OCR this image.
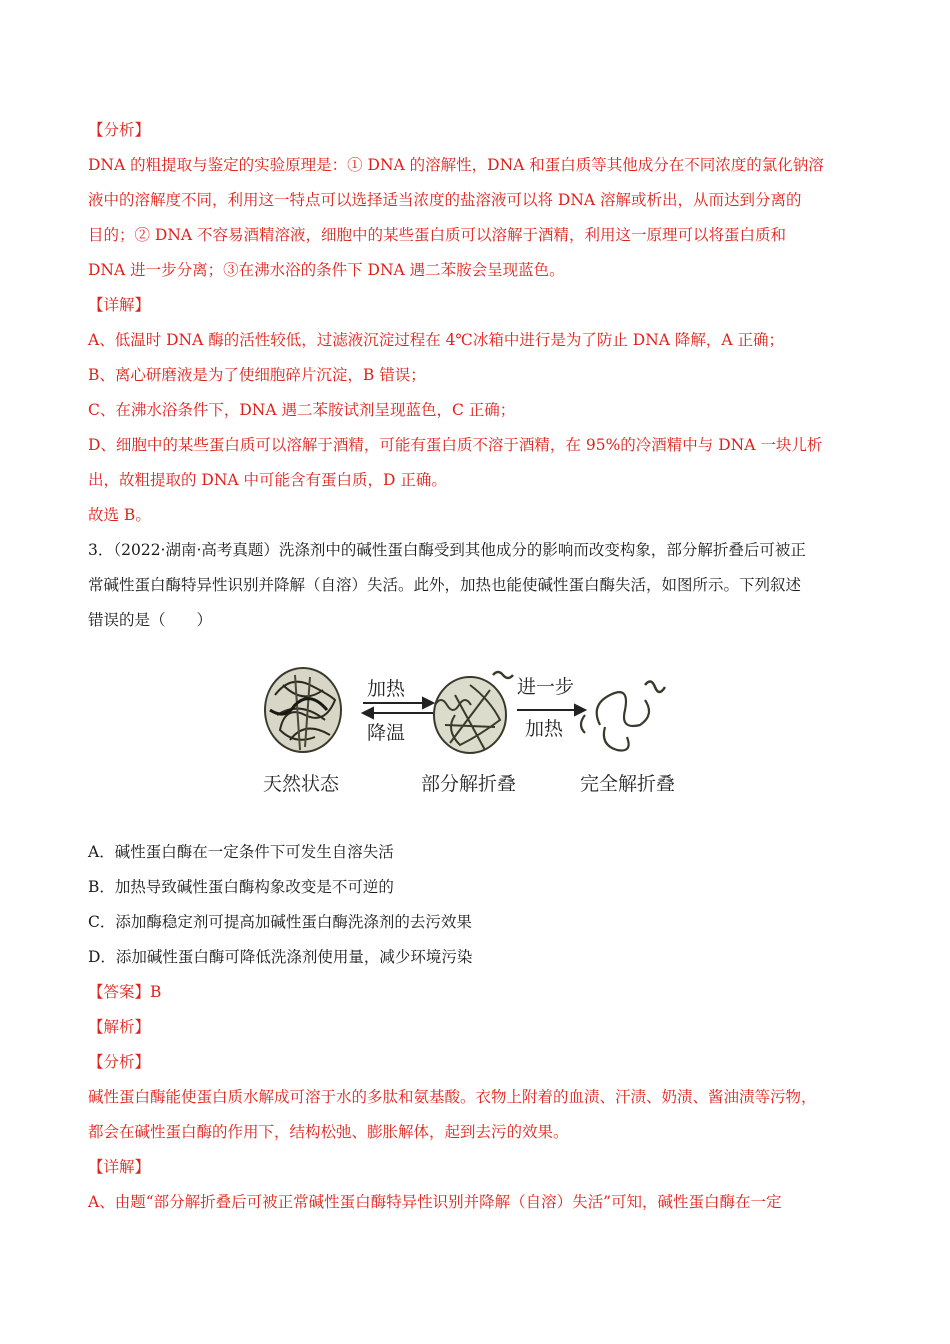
【分析】
DNA 的粗提取与鉴定的实验原理是：① DNA 的溶解性，DNA 和蛋白质等其他成分在不同浓度的氯化钠溶
液中的溶解度不同，利用这一特点可以选择适当浓度的盐溶液可以将 DNA 溶解或析出，从而达到分离的
目的；② DNA 不容易酒精溶液，细胞中的某些蛋白质可以溶解于酒精，利用这一原理可以将蛋白质和
DNA 进一步分离；③在沸水浴的条件下 DNA 遇二苯胺会呈现蓝色。
【详解】
A、低温时 DNA 酶的活性较低，过滤液沉淀过程在 4℃冰箱中进行是为了防止 DNA 降解，A 正确；
B、离心研磨液是为了使细胞碎片沉淀，B 错误；
C、在沸水浴条件下，DNA 遇二苯胺试剂呈现蓝色，C 正确；
D、细胞中的某些蛋白质可以溶解于酒精，可能有蛋白质不溶于酒精，在 95%的冷酒精中与 DNA 一块儿析
出，故粗提取的 DNA 中可能含有蛋白质，D 正确。
故选 B。
3．（2022·湖南·高考真题）洗涤剂中的碱性蛋白酶受到其他成分的影响而改变构象，部分解折叠后可被正
常碱性蛋白酶特异性识别并降解（自溶）失活。此外，加热也能使碱性蛋白酶失活，如图所示。下列叙述
错误的是（　　）
加热
降温
进一步
加热
天然状态	部分解折叠	完全解折叠
A．碱性蛋白酶在一定条件下可发生自溶失活
B．加热导致碱性蛋白酶构象改变是不可逆的
C．添加酶稳定剂可提高加碱性蛋白酶洗涤剂的去污效果
D．添加碱性蛋白酶可降低洗涤剂使用量，减少环境污染
【答案】B
【解析】
【分析】
碱性蛋白酶能使蛋白质水解成可溶于水的多肽和氨基酸。衣物上附着的血渍、汗渍、奶渍、酱油渍等污物，
都会在碱性蛋白酶的作用下，结构松弛、膨胀解体，起到去污的效果。
【详解】
A、由题“部分解折叠后可被正常碱性蛋白酶特异性识别并降解（自溶）失活”可知，碱性蛋白酶在一定
